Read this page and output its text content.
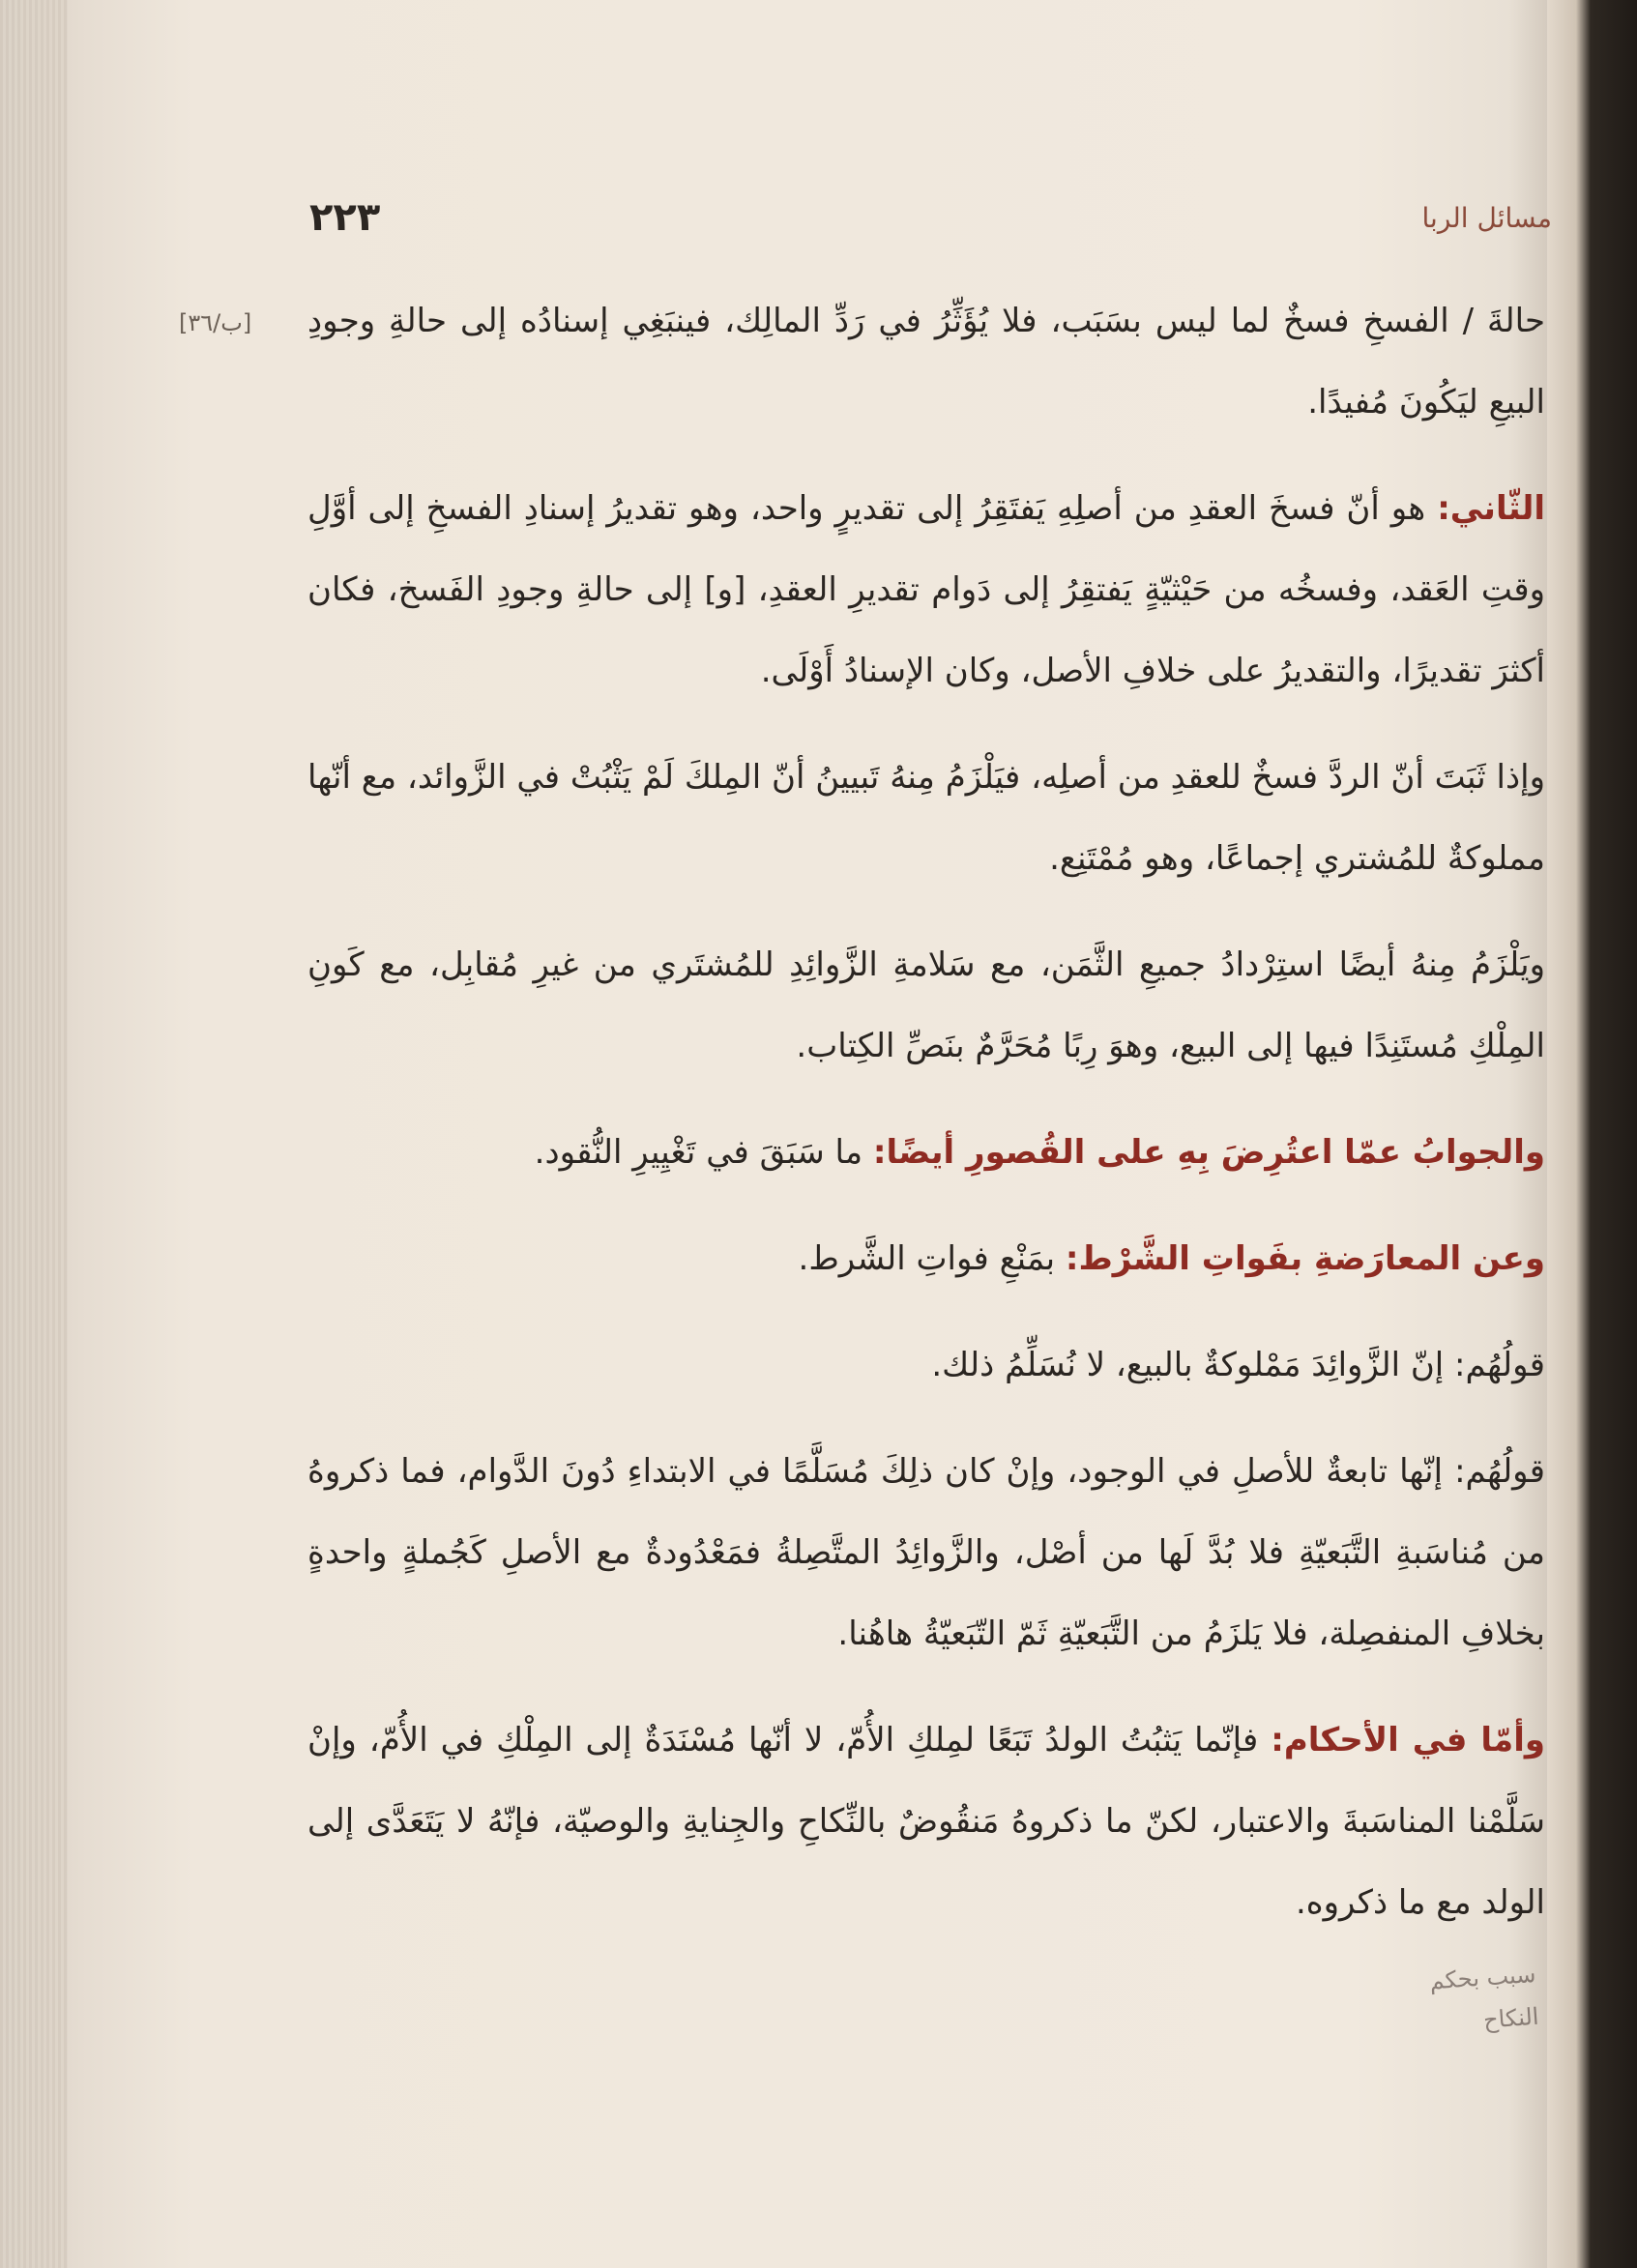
٢٢٣	مسائل الربا
[ب/٣٦] حالةَ / الفسخِ فسخٌ لما ليس بسَبَب، فلا يُؤَثِّرُ في رَدِّ المالِك، فينبَغِي إسنادُه إلى حالةِ وجودِ البيعِ ليَكُونَ مُفيدًا.

الثّاني: هو أنّ فسخَ العقدِ من أصلِهِ يَفتَقِرُ إلى تقديرٍ واحد، وهو تقديرُ إسنادِ الفسخِ إلى أوَّلِ وقتِ العَقد، وفسخُه من حَيْثيّةٍ يَفتقِرُ إلى دَوام تقديرِ العقدِ، [و] إلى حالةِ وجودِ الفَسخ، فكان أكثرَ تقديرًا، والتقديرُ على خلافِ الأصل، وكان الإسنادُ أَوْلَى.

وإذا ثَبَتَ أنّ الردَّ فسخٌ للعقدِ من أصلِه، فيَلْزَمُ مِنهُ تَبيينُ أنّ المِلكَ لَمْ يَثْبُتْ في الزَّوائد، مع أنّها مملوكةٌ للمُشتري إجماعًا، وهو مُمْتَنِع.

ويَلْزَمُ مِنهُ أيضًا استِرْدادُ جميعِ الثَّمَن، مع سَلامةِ الزَّوائِدِ للمُشتَري من غيرِ مُقابِل، مع كَونِ المِلْكِ مُستَنِدًا فيها إلى البيع، وهوَ رِبًا مُحَرَّمٌ بنَصِّ الكِتاب.

والجوابُ عمّا اعتُرِضَ بِهِ على القُصورِ أيضًا: ما سَبَقَ في تَغْيِيرِ النُّقود.

وعن المعارَضةِ بفَواتِ الشَّرْط: بمَنْعِ فواتِ الشَّرط.

قولُهُم: إنّ الزَّوائِدَ مَمْلوكةٌ بالبيع، لا نُسَلِّمُ ذلك.

قولُهُم: إنّها تابعةٌ للأصلِ في الوجود، وإنْ كان ذلِكَ مُسَلَّمًا في الابتداءِ دُونَ الدَّوام، فما ذكروهُ من مُناسَبةِ التَّبَعيّةِ فلا بُدَّ لَها من أصْل، والزَّوائِدُ المتَّصِلةُ فمَعْدُودةٌ مع الأصلِ كَجُملةٍ واحدةٍ بخلافِ المنفصِلة، فلا يَلزَمُ من التَّبَعيّةِ ثَمّ التّبَعيّةُ هاهُنا.

وأمّا في الأحكام: فإنّما يَثبُتُ الولدُ تَبَعًا لمِلكِ الأُمّ، لا أنّها مُسْنَدَةٌ إلى المِلْكِ في الأُمّ، وإنْ سَلَّمْنا المناسَبةَ والاعتبار، لكنّ ما ذكروهُ مَنقُوضٌ بالنِّكاحِ والجِنايةِ والوصيّة، فإنّهُ لا يَتَعَدَّى إلى الولد مع ما ذكروه.

سبب بحكم النكاح
